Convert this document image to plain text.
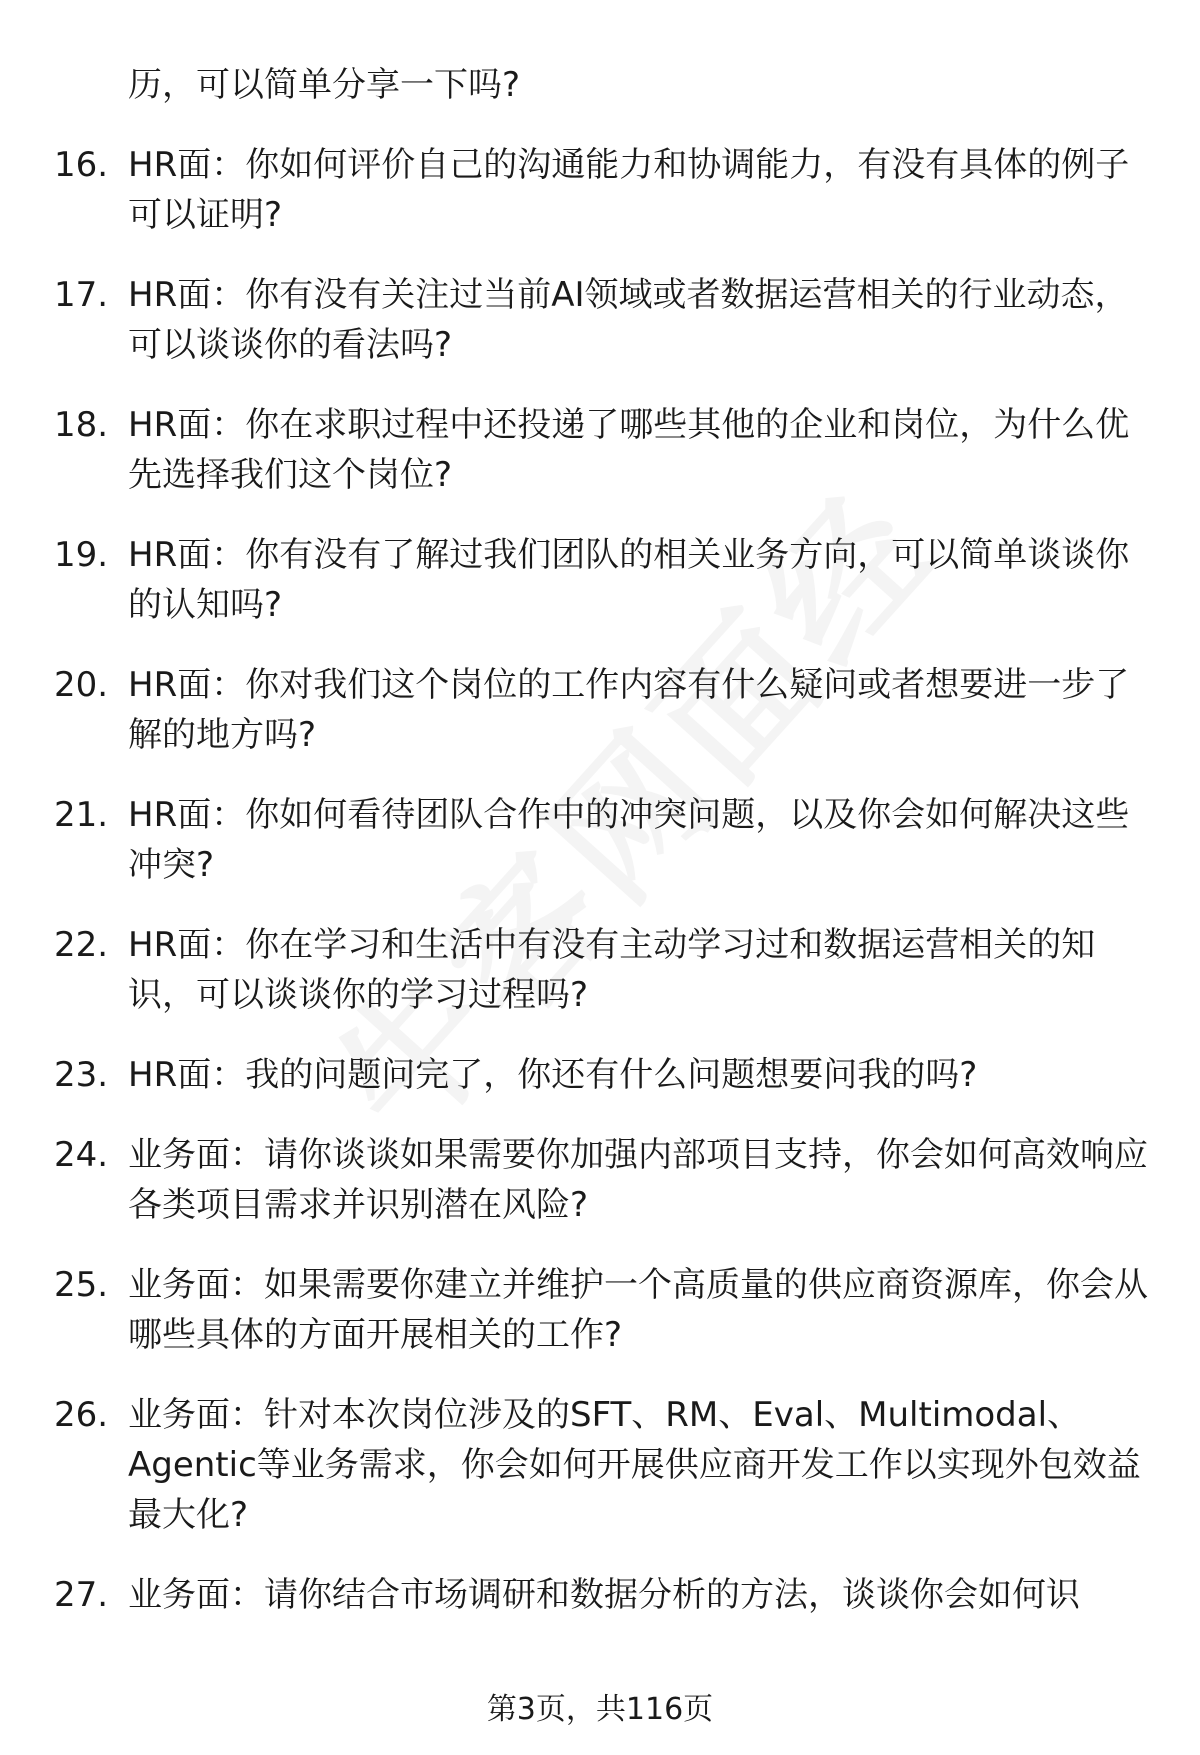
历，可以简单分享一下吗?
16. HR面：你如何评价自己的沟通能力和协调能力，有没有具体的例子可以证明?
17. HR面：你有没有关注过当前AI领域或者数据运营相关的行业动态，可以谈谈你的看法吗?
18. HR面：你在求职过程中还投递了哪些其他的企业和岗位，为什么优先选择我们这个岗位?
19. HR面：你有没有了解过我们团队的相关业务方向，可以简单谈谈你的认知吗?
20. HR面：你对我们这个岗位的工作内容有什么疑问或者想要进一步了解的地方吗?
21. HR面：你如何看待团队合作中的冲突问题，以及你会如何解决这些冲突?
22. HR面：你在学习和生活中有没有主动学习过和数据运营相关的知识，可以谈谈你的学习过程吗?
23. HR面：我的问题问完了，你还有什么问题想要问我的吗?
24. 业务面：请你谈谈如果需要你加强内部项目支持，你会如何高效响应各类项目需求并识别潜在风险?
25. 业务面：如果需要你建立并维护一个高质量的供应商资源库，你会从哪些具体的方面开展相关的工作?
26. 业务面：针对本次岗位涉及的SFT、RM、Eval、Multimodal、Agentic等业务需求，你会如何开展供应商开发工作以实现外包效益最大化?
27. 业务面：请你结合市场调研和数据分析的方法，谈谈你会如何识
第3页，共116页
